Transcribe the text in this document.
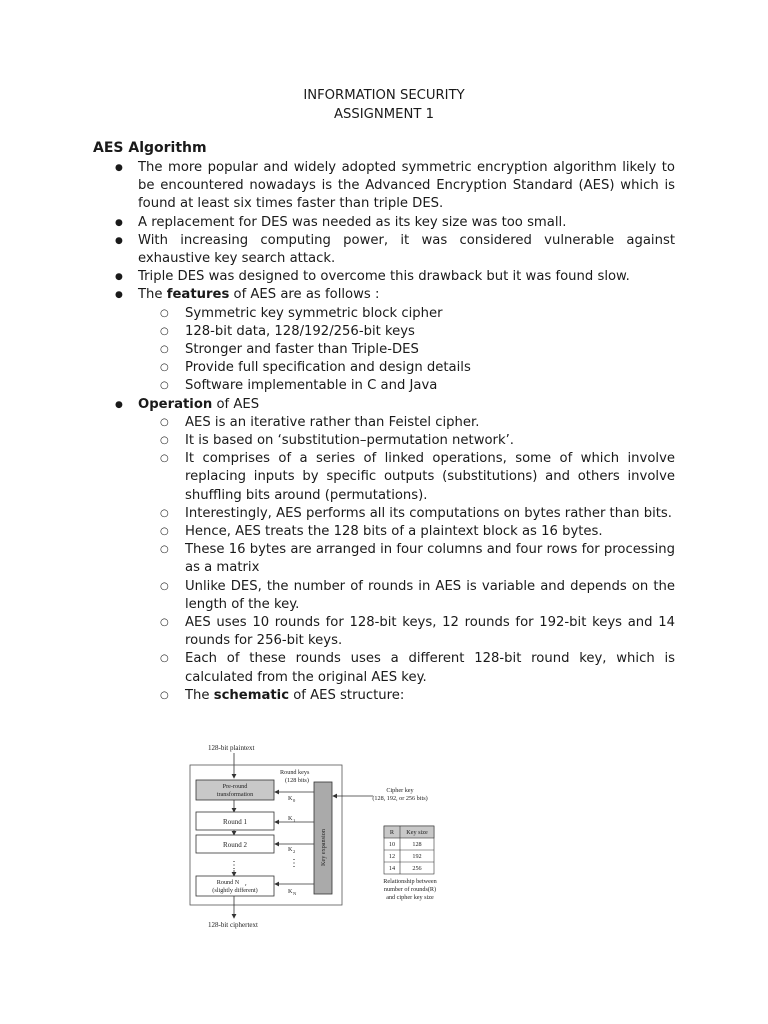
INFORMATION SECURITY
ASSIGNMENT 1
AES Algorithm
● The more popular and widely adopted symmetric encryption algorithm likely to be encountered nowadays is the Advanced Encryption Standard (AES) which is found at least six times faster than triple DES.
● A replacement for DES was needed as its key size was too small.
● With increasing computing power, it was considered vulnerable against exhaustive key search attack.
● Triple DES was designed to overcome this drawback but it was found slow.
● The features of AES are as follows :
○ Symmetric key symmetric block cipher
○ 128-bit data, 128/192/256-bit keys
○ Stronger and faster than Triple-DES
○ Provide full specification and design details
○ Software implementable in C and Java
● Operation of AES
○ AES is an iterative rather than Feistel cipher.
○ It is based on ‘substitution–permutation network’.
○ It comprises of a series of linked operations, some of which involve replacing inputs by specific outputs (substitutions) and others involve shuffling bits around (permutations).
○ Interestingly, AES performs all its computations on bytes rather than bits.
○ Hence, AES treats the 128 bits of a plaintext block as 16 bytes.
○ These 16 bytes are arranged in four columns and four rows for processing as a matrix
○ Unlike DES, the number of rounds in AES is variable and depends on the length of the key.
○ AES uses 10 rounds for 128-bit keys, 12 rounds for 192-bit keys and 14 rounds for 256-bit keys.
○ Each of these rounds uses a different 128-bit round key, which is calculated from the original AES key.
○ The schematic of AES structure:
128-bit plaintext
Round keys
(128 bits)
Pre-round
transformation
Round 1
Round 2
⋮
Round N r
(slightly different)
128-bit ciphertext
Key expansion
K 0
K 1
K 2
⋮
K N
Cipher key
(128, 192, or 256 bits)
R Key size
10	128
12	192
14	256
Relationship between
number of rounds(R)
and cipher key size
